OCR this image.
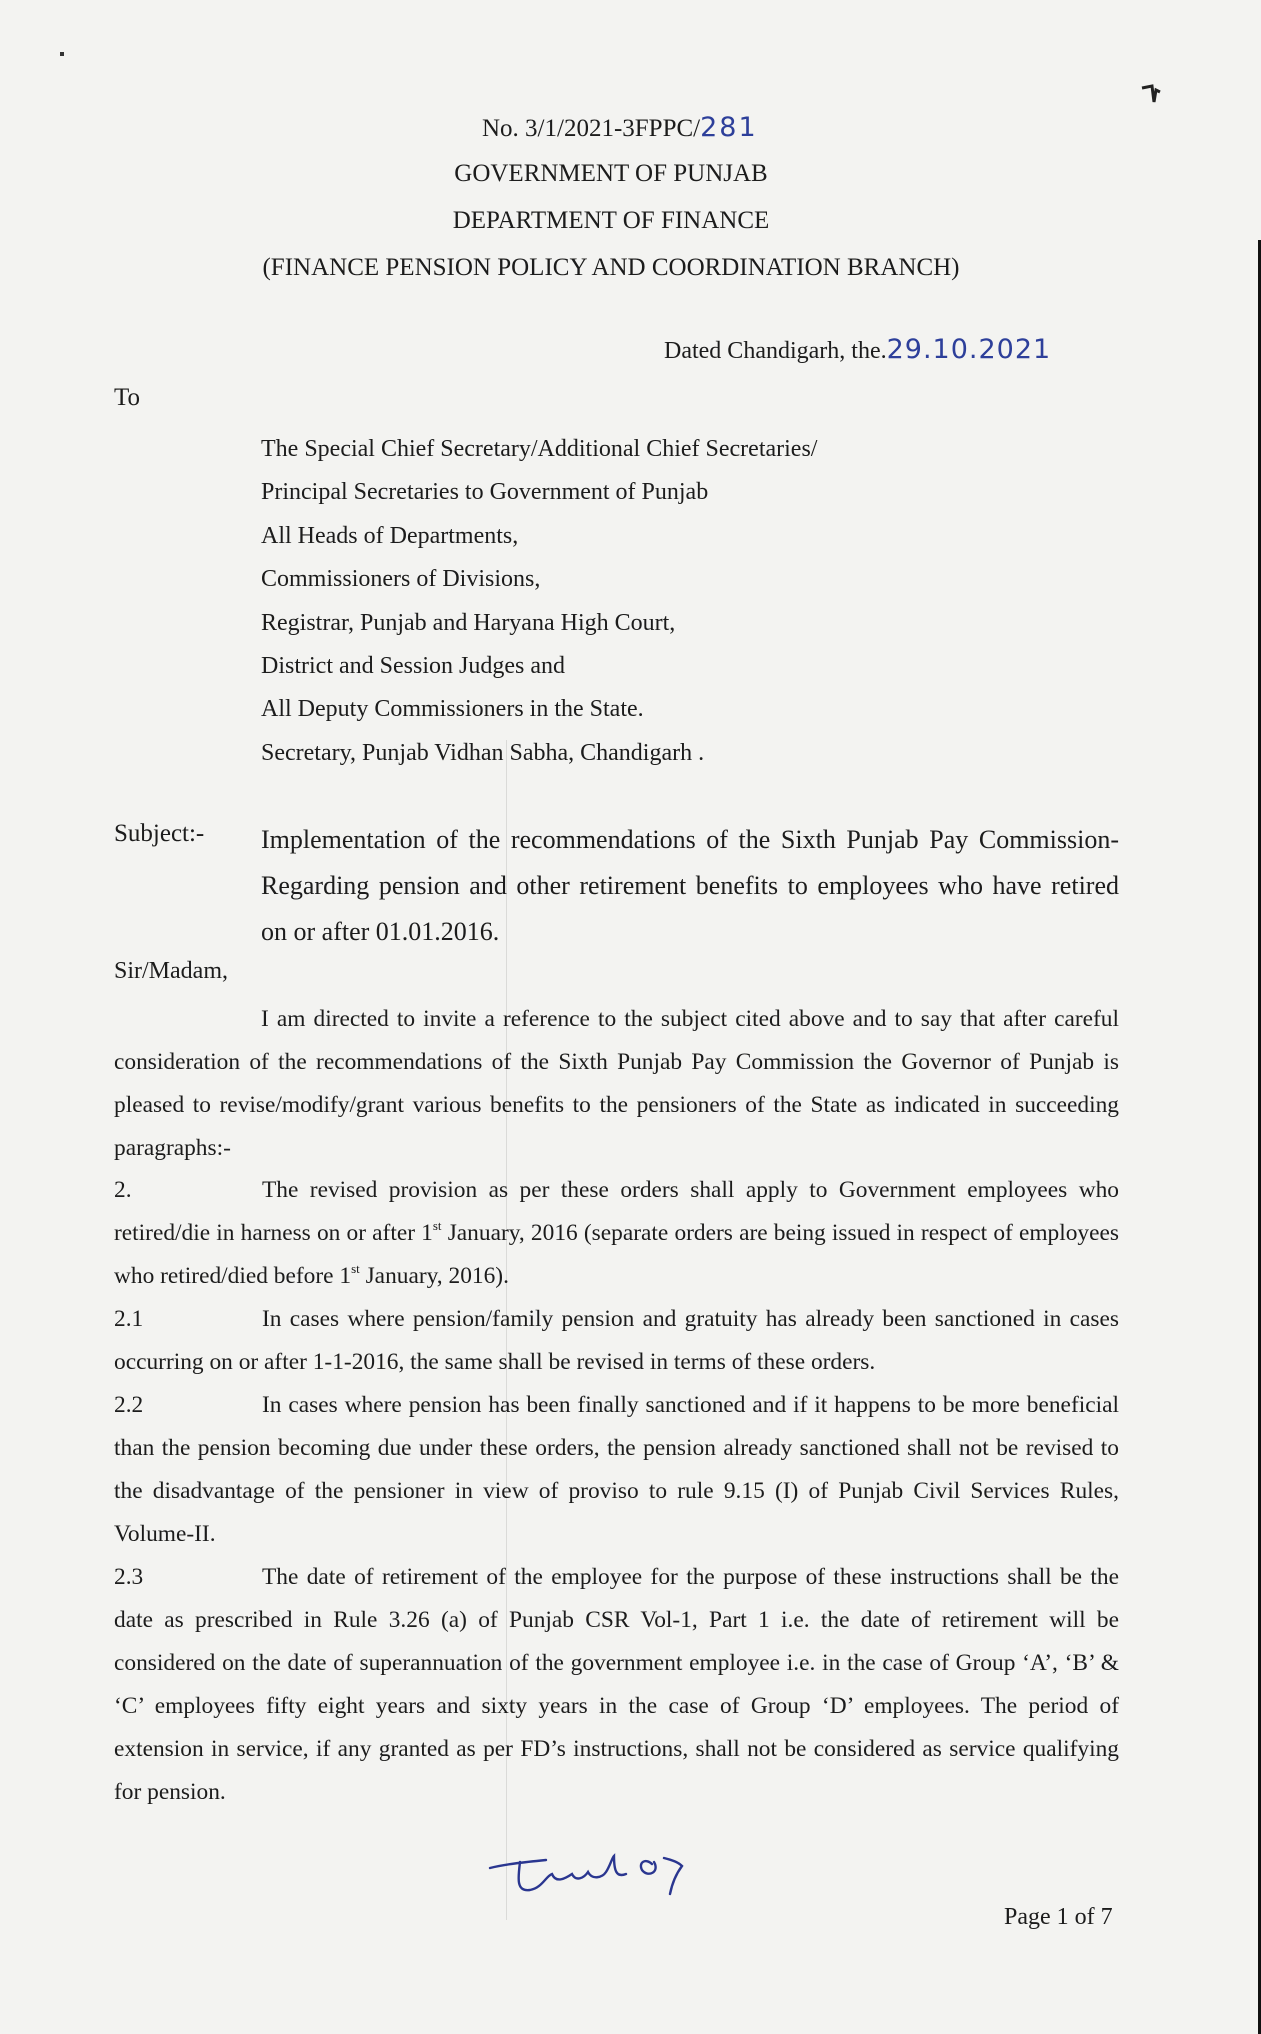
No. 3/1/2021-3FPPC/281
GOVERNMENT OF PUNJAB
DEPARTMENT OF FINANCE
(FINANCE PENSION POLICY AND COORDINATION BRANCH)
Dated Chandigarh, the.29.10.2021
To
The Special Chief Secretary/Additional Chief Secretaries/
Principal Secretaries to Government of Punjab
All Heads of Departments,
Commissioners of Divisions,
Registrar, Punjab and Haryana High Court,
District and Session Judges and
All Deputy Commissioners in the State.
Secretary, Punjab Vidhan Sabha, Chandigarh .
Subject:- Implementation of the recommendations of the Sixth Punjab Pay Commission- Regarding pension and other retirement benefits to employees who have retired on or after 01.01.2016.
Sir/Madam,
I am directed to invite a reference to the subject cited above and to say that after careful consideration of the recommendations of the Sixth Punjab Pay Commission the Governor of Punjab is pleased to revise/modify/grant various benefits to the pensioners of the State as indicated in succeeding paragraphs:-
2.	The revised provision as per these orders shall apply to Government employees who retired/die in harness on or after 1st January, 2016 (separate orders are being issued in respect of employees who retired/died before 1st January, 2016).
2.1	In cases where pension/family pension and gratuity has already been sanctioned in cases occurring on or after 1-1-2016, the same shall be revised in terms of these orders.
2.2	In cases where pension has been finally sanctioned and if it happens to be more beneficial than the pension becoming due under these orders, the pension already sanctioned shall not be revised to the disadvantage of the pensioner in view of proviso to rule 9.15 (I) of Punjab Civil Services Rules, Volume-II.
2.3	The date of retirement of the employee for the purpose of these instructions shall be the date as prescribed in Rule 3.26 (a) of Punjab CSR Vol-1, Part 1 i.e. the date of retirement will be considered on the date of superannuation of the government employee i.e. in the case of Group ‘A’, ‘B’ & ‘C’ employees fifty eight years and sixty years in the case of Group ‘D’ employees. The period of extension in service, if any granted as per FD’s instructions, shall not be considered as service qualifying for pension.
Page 1 of 7
